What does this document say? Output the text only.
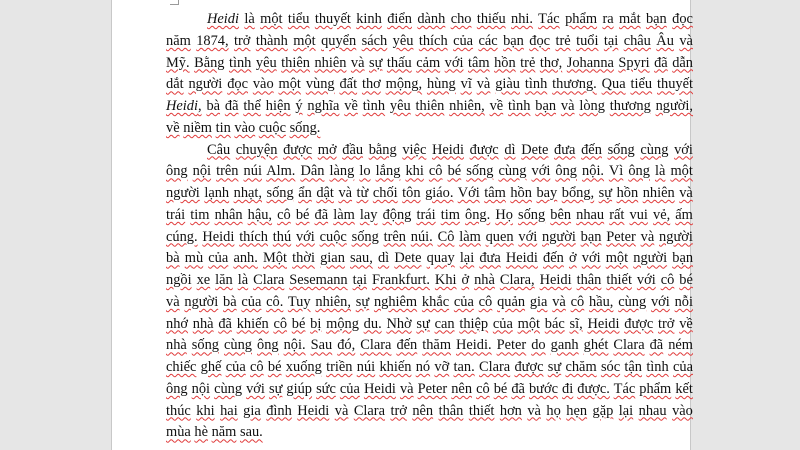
Heidi là một tiểu thuyết kinh điển dành cho thiếu nhi. Tác phẩm ra mắt bạn đọc
năm 1874, trở thành một quyển sách yêu thích của các bạn đọc trẻ tuổi tại châu Âu và
Mỹ. Bằng tình yêu thiên nhiên và sự thấu cảm với tâm hồn trẻ thơ, Johanna Spyri đã dẫn
dắt người đọc vào một vùng đất thơ mộng, hùng vĩ và giàu tình thương. Qua tiểu thuyết
Heidi, bà đã thể hiện ý nghĩa về tình yêu thiên nhiên, về tình bạn và lòng thương người,
về niềm tin vào cuộc sống.
Câu chuyện được mở đầu bằng việc Heidi được dì Dete đưa đến sống cùng với
ông nội trên núi Alm. Dân làng lo lắng khi cô bé sống cùng với ông nội. Vì ông là một
người lạnh nhạt, sống ẩn dật và từ chối tôn giáo. Với tâm hồn bay bổng, sự hồn nhiên và
trái tim nhân hậu, cô bé đã làm lay động trái tim ông. Họ sống bên nhau rất vui vẻ, ấm
cúng. Heidi thích thú với cuộc sống trên núi. Cô làm quen với người bạn Peter và người
bà mù của anh. Một thời gian sau, dì Dete quay lại đưa Heidi đến ở với một người bạn
ngồi xe lăn là Clara Sesemann tại Frankfurt. Khi ở nhà Clara, Heidi thân thiết với cô bé
và người bà của cô. Tuy nhiên, sự nghiêm khắc của cô quản gia và cô hầu, cùng với nỗi
nhớ nhà đã khiến cô bé bị mộng du. Nhờ sự can thiệp của một bác sĩ, Heidi được trở về
nhà sống cùng ông nội. Sau đó, Clara đến thăm Heidi. Peter do ganh ghét Clara đã ném
chiếc ghế của cô bé xuống triền núi khiến nó vỡ tan. Clara được sự chăm sóc tận tình của
ông nội cùng với sự giúp sức của Heidi và Peter nên cô bé đã bước đi được. Tác phẩm kết
thúc khi hai gia đình Heidi và Clara trở nên thân thiết hơn và họ hẹn gặp lại nhau vào
mùa hè năm sau.
